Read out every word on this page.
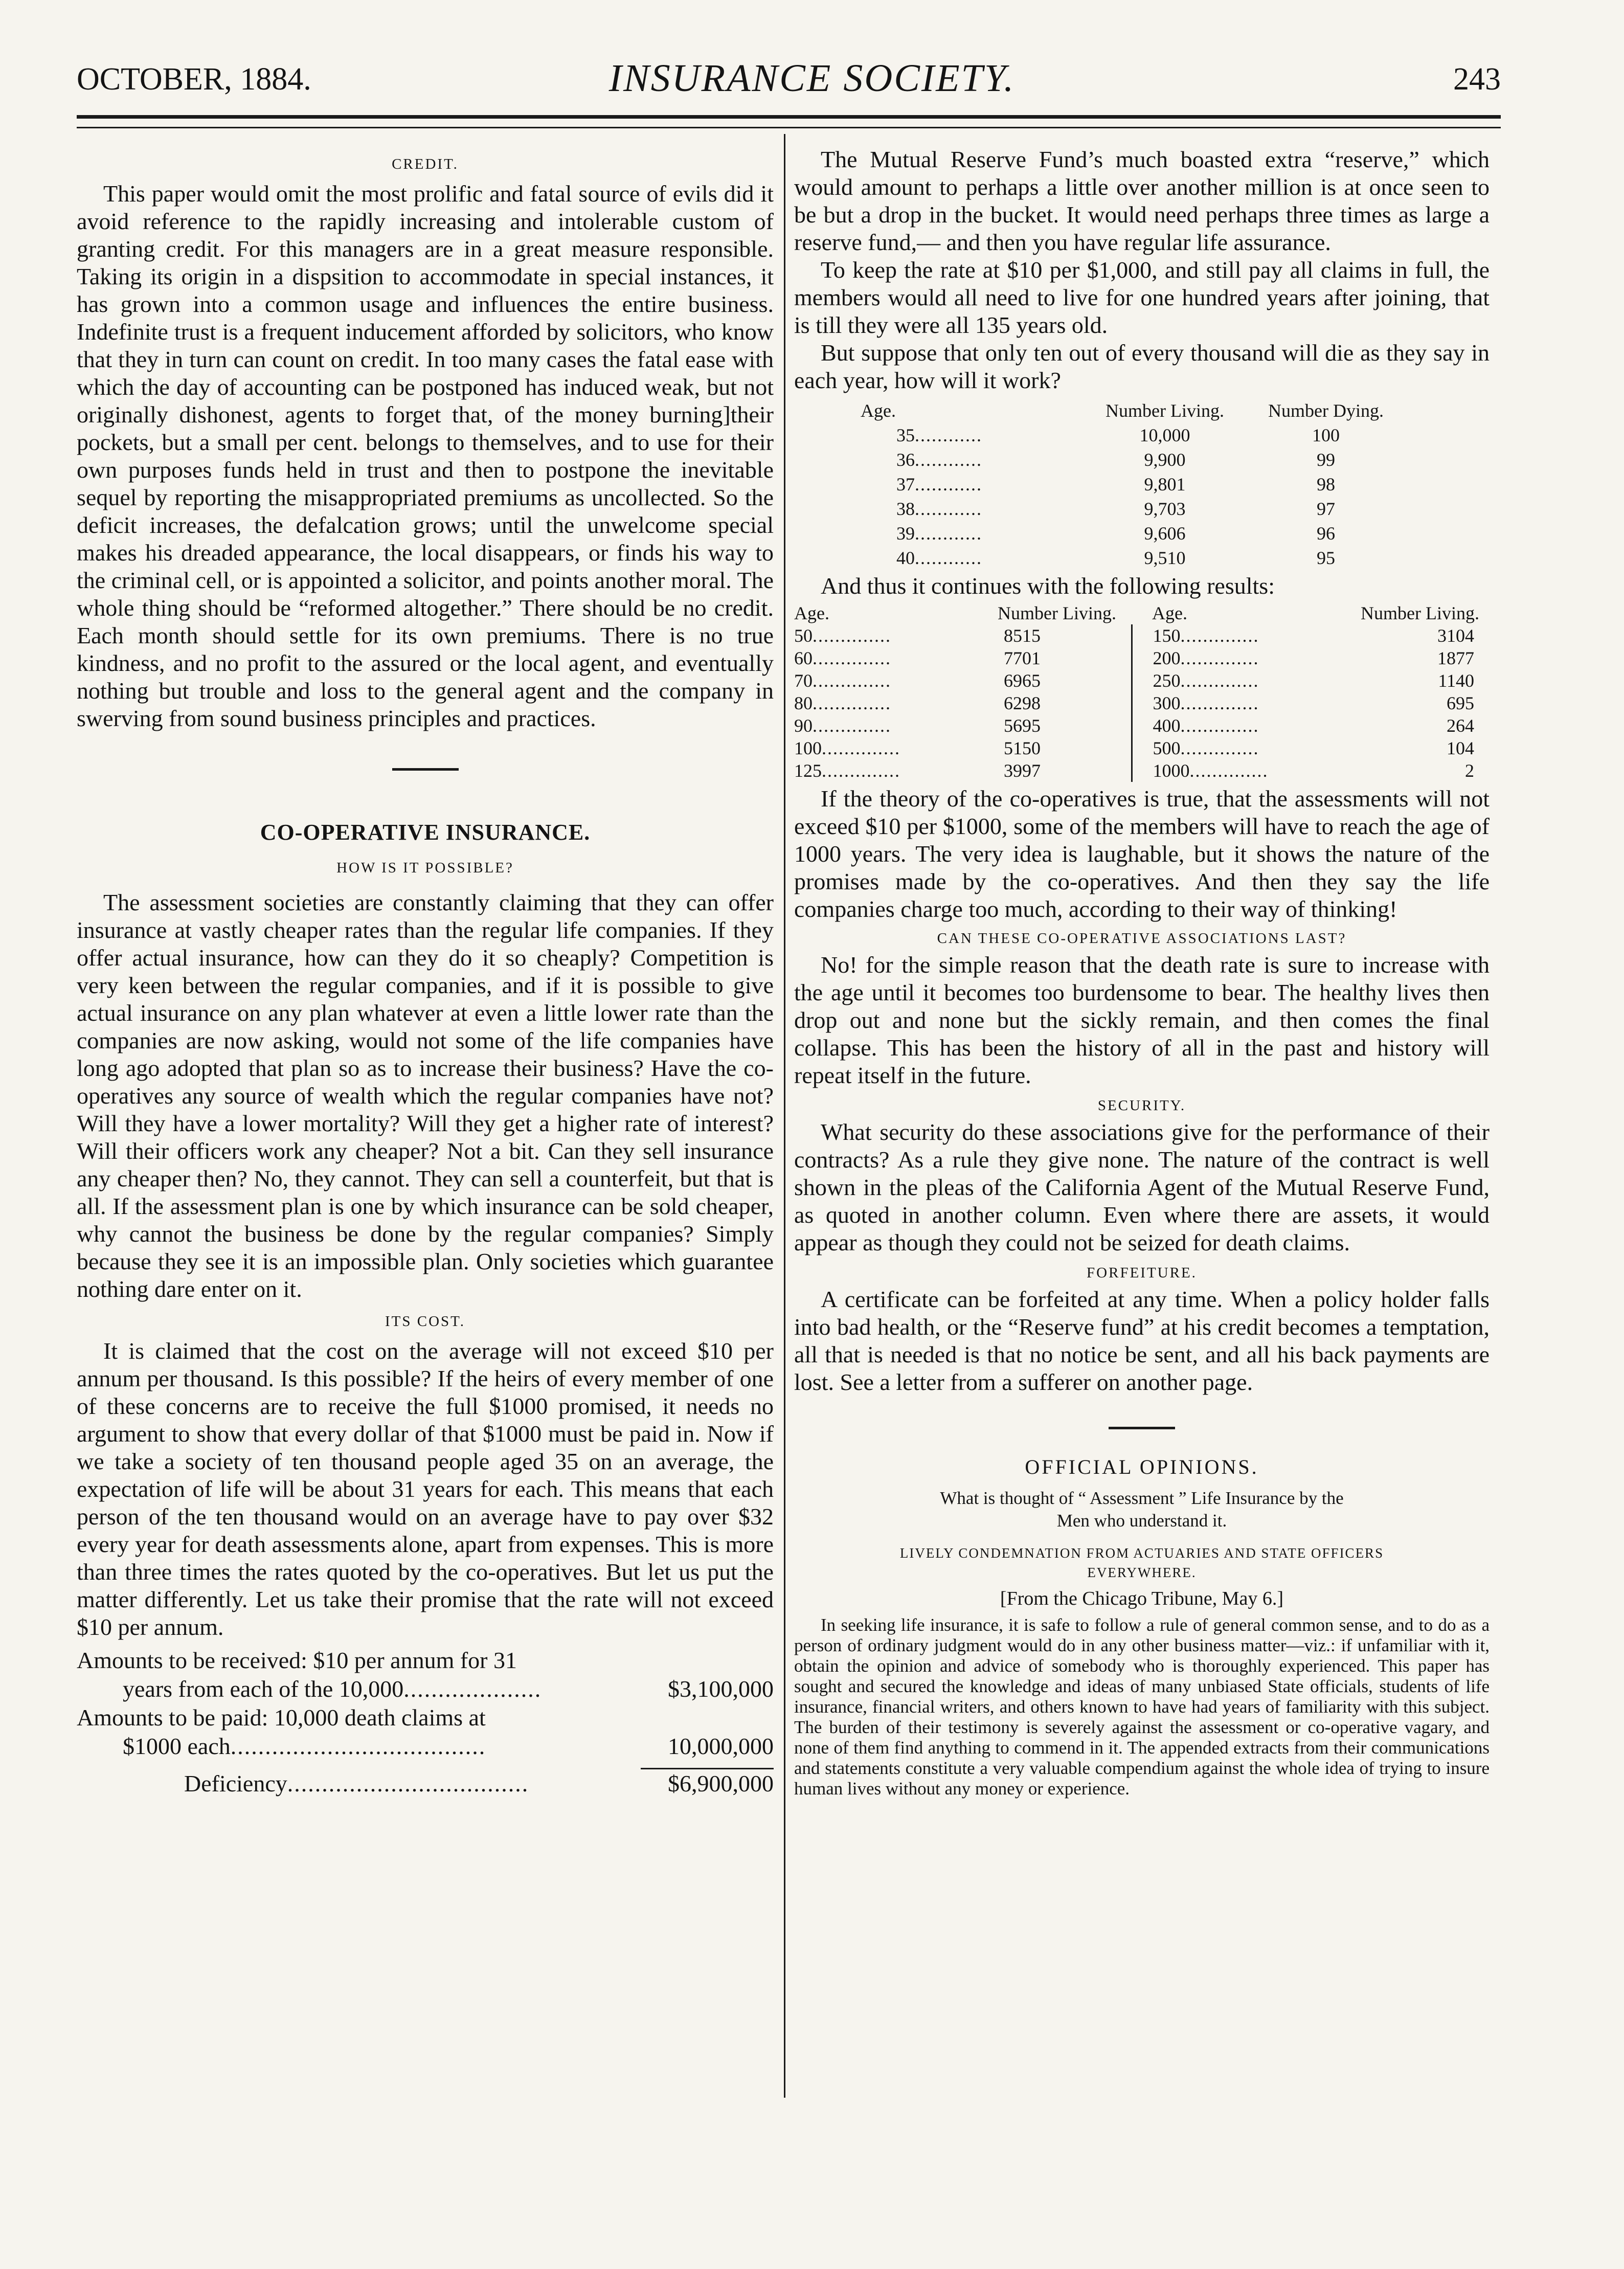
OCTOBER, 1884.	INSURANCE SOCIETY.	243
CREDIT.

This paper would omit the most prolific and fatal source of evils did it avoid reference to the rapidly increasing and intolerable custom of granting credit. For this managers are in a great measure responsible. Taking its origin in a dispsition to accommodate in special instances, it has grown into a common usage and influences the entire business. Indefinite trust is a frequent inducement afforded by solicitors, who know that they in turn can count on credit. In too many cases the fatal ease with which the day of accounting can be postponed has induced weak, but not originally dishonest, agents to forget that, of the money burning]their pockets, but a small per cent. belongs to themselves, and to use for their own purposes funds held in trust and then to postpone the inevitable sequel by reporting the misappropriated premiums as uncollected. So the deficit increases, the defalcation grows; until the unwelcome special makes his dreaded appearance, the local disappears, or finds his way to the criminal cell, or is appointed a solicitor, and points another moral. The whole thing should be “reformed altogether.” There should be no credit. Each month should settle for its own premiums. There is no true kindness, and no profit to the assured or the local agent, and eventually nothing but trouble and loss to the general agent and the company in swerving from sound business principles and practices.

CO-OPERATIVE INSURANCE.
HOW IS IT POSSIBLE?

The assessment societies are constantly claiming that they can offer insurance at vastly cheaper rates than the regular life companies. If they offer actual insurance, how can they do it so cheaply? Competition is very keen between the regular companies, and if it is possible to give actual insurance on any plan whatever at even a little lower rate than the companies are now asking, would not some of the life companies have long ago adopted that plan so as to increase their business? Have the co-operatives any source of wealth which the regular companies have not? Will they have a lower mortality? Will they get a higher rate of interest? Will their officers work any cheaper? Not a bit. Can they sell insurance any cheaper then? No, they cannot. They can sell a counterfeit, but that is all. If the assessment plan is one by which insurance can be sold cheaper, why cannot the business be done by the regular companies? Simply because they see it is an impossible plan. Only societies which guarantee nothing dare enter on it.

ITS COST.

It is claimed that the cost on the average will not exceed $10 per annum per thousand. Is this possible? If the heirs of every member of one of these concerns are to receive the full $1000 promised, it needs no argument to show that every dollar of that $1000 must be paid in. Now if we take a society of ten thousand people aged 35 on an average, the expectation of life will be about 31 years for each. This means that each person of the ten thousand would on an average have to pay over $32 every year for death assessments alone, apart from expenses. This is more than three times the rates quoted by the co-operatives. But let us put the matter differently. Let us take their promise that the rate will not exceed $10 per annum.

Amounts to be received: $10 per annum for 31	
years from each of the 10,000....................	$3,100,000
Amounts to be paid: 10,000 death claims at	
$1000 each.....................................	10,000,000

Deficiency...................................	$6,900,000

The Mutual Reserve Fund’s much boasted extra “reserve,” which would amount to perhaps a little over another million is at once seen to be but a drop in the bucket. It would need perhaps three times as large a reserve fund,— and then you have regular life assurance.

To keep the rate at $10 per $1,000, and still pay all claims in full, the members would all need to live for one hundred years after joining, that is till they were all 135 years old.

But suppose that only ten out of every thousand will die as they say in each year, how will it work?

Age.	Number Living.	Number Dying.
35............	10,000	100
36............	9,900	99
37............	9,801	98
38............	9,703	97
39............	9,606	96
40............	9,510	95

And thus it continues with the following results:

Age.	Number Living.	Age.	Number Living.
50..............	8515	150..............	3104
60..............	7701	200..............	1877
70..............	6965	250..............	1140
80..............	6298	300..............	695
90..............	5695	400..............	264
100..............	5150	500..............	104
125..............	3997	1000..............	2

If the theory of the co-operatives is true, that the assessments will not exceed $10 per $1000, some of the members will have to reach the age of 1000 years. The very idea is laughable, but it shows the nature of the promises made by the co-operatives. And then they say the life companies charge too much, according to their way of thinking!

CAN THESE CO-OPERATIVE ASSOCIATIONS LAST?

No! for the simple reason that the death rate is sure to increase with the age until it becomes too burdensome to bear. The healthy lives then drop out and none but the sickly remain, and then comes the final collapse. This has been the history of all in the past and history will repeat itself in the future.

SECURITY.

What security do these associations give for the performance of their contracts? As a rule they give none. The nature of the contract is well shown in the pleas of the California Agent of the Mutual Reserve Fund, as quoted in another column. Even where there are assets, it would appear as though they could not be seized for death claims.

FORFEITURE.

A certificate can be forfeited at any time. When a policy holder falls into bad health, or the “Reserve fund” at his credit becomes a temptation, all that is needed is that no notice be sent, and all his back payments are lost. See a letter from a sufferer on another page.

OFFICIAL OPINIONS.
What is thought of “ Assessment ” Life Insurance by the
Men who understand it.
LIVELY CONDEMNATION FROM ACTUARIES AND STATE OFFICERS
EVERYWHERE.
[From the Chicago Tribune, May 6.]

In seeking life insurance, it is safe to follow a rule of general common sense, and to do as a person of ordinary judgment would do in any other business matter—viz.: if unfamiliar with it, obtain the opinion and advice of somebody who is thoroughly experienced. This paper has sought and secured the knowledge and ideas of many unbiased State officials, students of life insurance, financial writers, and others known to have had years of familiarity with this subject. The burden of their testimony is severely against the assessment or co-operative vagary, and none of them find anything to commend in it. The appended extracts from their communications and statements constitute a very valuable compendium against the whole idea of trying to insure human lives without any money or experience.
